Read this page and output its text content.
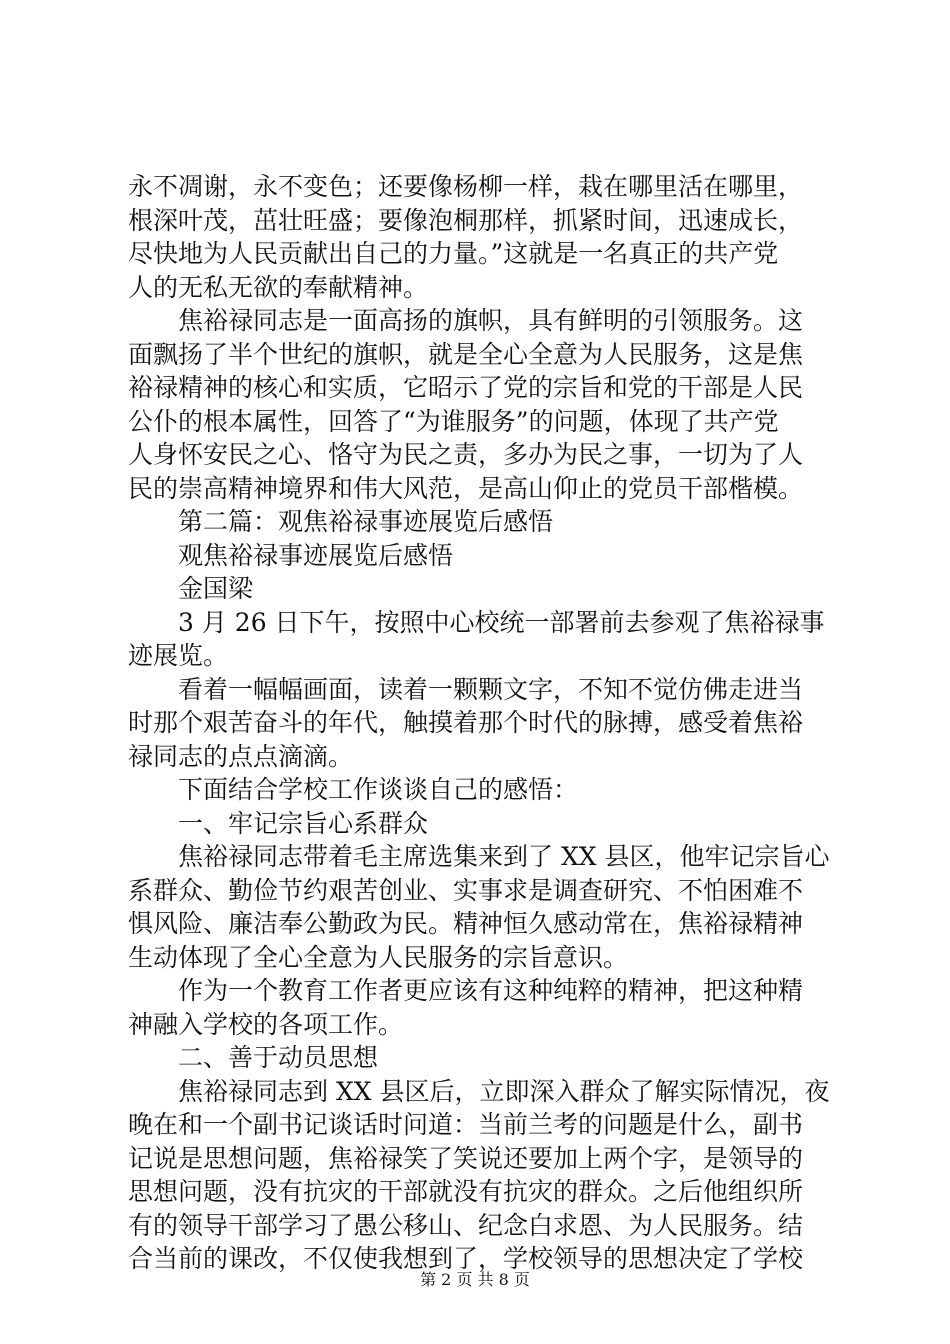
永不凋谢，永不变色；还要像杨柳一样，栽在哪里活在哪里，
根深叶茂，茁壮旺盛；要像泡桐那样，抓紧时间，迅速成长，
尽快地为人民贡献出自己的力量。”这就是一名真正的共产党
人的无私无欲的奉献精神。
　　焦裕禄同志是一面高扬的旗帜，具有鲜明的引领服务。这
面飘扬了半个世纪的旗帜，就是全心全意为人民服务，这是焦
裕禄精神的核心和实质，它昭示了党的宗旨和党的干部是人民
公仆的根本属性，回答了“为谁服务”的问题，体现了共产党
人身怀安民之心、恪守为民之责，多办为民之事，一切为了人
民的崇高精神境界和伟大风范，是高山仰止的党员干部楷模。
　　第二篇：观焦裕禄事迹展览后感悟
　　观焦裕禄事迹展览后感悟
　　金国梁
　　3 月 26 日下午，按照中心校统一部署前去参观了焦裕禄事
迹展览。
　　看着一幅幅画面，读着一颗颗文字，不知不觉仿佛走进当
时那个艰苦奋斗的年代，触摸着那个时代的脉搏，感受着焦裕
禄同志的点点滴滴。
　　下面结合学校工作谈谈自己的感悟：
　　一、牢记宗旨心系群众
　　焦裕禄同志带着毛主席选集来到了 XX 县区，他牢记宗旨心
系群众、勤俭节约艰苦创业、实事求是调查研究、不怕困难不
惧风险、廉洁奉公勤政为民。精神恒久感动常在，焦裕禄精神
生动体现了全心全意为人民服务的宗旨意识。
　　作为一个教育工作者更应该有这种纯粹的精神，把这种精
神融入学校的各项工作。
　　二、善于动员思想
　　焦裕禄同志到 XX 县区后，立即深入群众了解实际情况，夜
晚在和一个副书记谈话时问道：当前兰考的问题是什么，副书
记说是思想问题，焦裕禄笑了笑说还要加上两个字，是领导的
思想问题，没有抗灾的干部就没有抗灾的群众。之后他组织所
有的领导干部学习了愚公移山、纪念白求恩、为人民服务。结
合当前的课改，不仅使我想到了，学校领导的思想决定了学校
第 2 页 共 8 页
